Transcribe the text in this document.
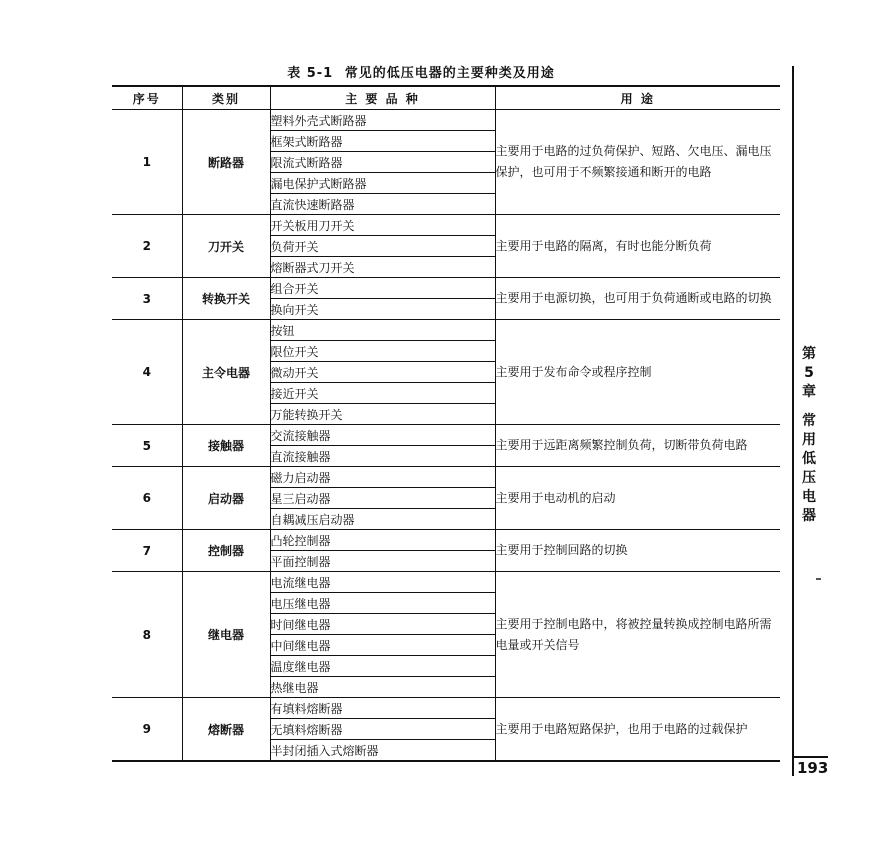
表 5-1 常见的低压电器的主要种类及用途
序号	类别	主 要 品 种	用 途
1	断路器	塑料外壳式断路器	主要用于电路的过负荷保护、短路、欠电压、漏电压保护，也可用于不频繁接通和断开的电路
		框架式断路器	
		限流式断路器	
		漏电保护式断路器	
		直流快速断路器	
2	刀开关	开关板用刀开关	主要用于电路的隔离，有时也能分断负荷
		负荷开关	
		熔断器式刀开关	
3	转换开关	组合开关	主要用于电源切换，也可用于负荷通断或电路的切换
		换向开关	
4	主令电器	按钮	主要用于发布命令或程序控制
		限位开关	
		微动开关	
		接近开关	
		万能转换开关	
5	接触器	交流接触器	主要用于远距离频繁控制负荷，切断带负荷电路
		直流接触器	
6	启动器	磁力启动器	主要用于电动机的启动
		星三启动器	
		自耦减压启动器	
7	控制器	凸轮控制器	主要用于控制回路的切换
		平面控制器	
8	继电器	电流继电器	主要用于控制电路中，将被控量转换成控制电路所需电量或开关信号
		电压继电器	
		时间继电器	
		中间继电器	
		温度继电器	
		热继电器	
9	熔断器	有填料熔断器	主要用于电路短路保护，也用于电路的过载保护
		无填料熔断器	
		半封闭插入式熔断器	
第
5
章
常
用
低
压
电
器
193
